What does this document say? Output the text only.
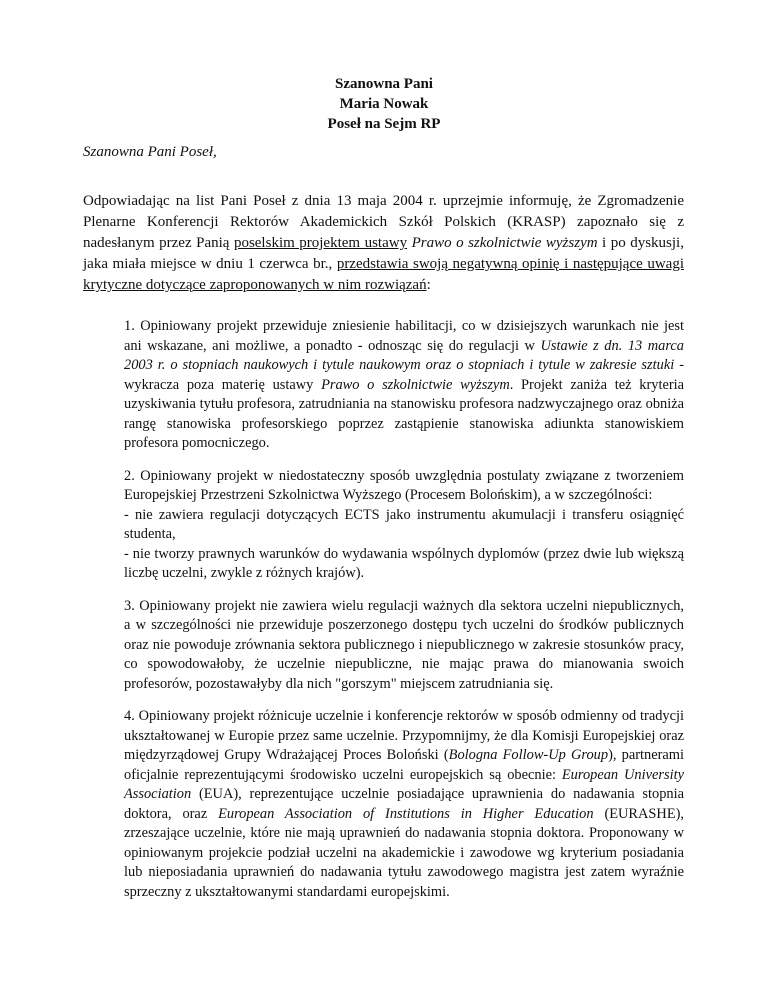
Szanowna Pani
Maria Nowak
Poseł na Sejm RP
Szanowna Pani Poseł,

Odpowiadając na list Pani Poseł z dnia 13 maja 2004 r. uprzejmie informuję, że Zgromadzenie Plenarne Konferencji Rektorów Akademickich Szkół Polskich (KRASP) zapoznało się z nadesłanym przez Panią poselskim projektem ustawy Prawo o szkolnictwie wyższym i po dyskusji, jaka miała miejsce w dniu 1 czerwca br., przedstawia swoją negatywną opinię i następujące uwagi krytyczne dotyczące zaproponowanych w nim rozwiązań:

1. Opiniowany projekt przewiduje zniesienie habilitacji, co w dzisiejszych warunkach nie jest ani wskazane, ani możliwe, a ponadto - odnosząc się do regulacji w Ustawie z dn. 13 marca 2003 r. o stopniach naukowych i tytule naukowym oraz o stopniach i tytule w zakresie sztuki - wykracza poza materię ustawy Prawo o szkolnictwie wyższym. Projekt zaniża też kryteria uzyskiwania tytułu profesora, zatrudniania na stanowisku profesora nadzwyczajnego oraz obniża rangę stanowiska profesorskiego poprzez zastąpienie stanowiska adiunkta stanowiskiem profesora pomocniczego.

2. Opiniowany projekt w niedostateczny sposób uwzględnia postulaty związane z tworzeniem Europejskiej Przestrzeni Szkolnictwa Wyższego (Procesem Bolońskim), a w szczególności:
- nie zawiera regulacji dotyczących ECTS jako instrumentu akumulacji i transferu osiągnięć studenta,
- nie tworzy prawnych warunków do wydawania wspólnych dyplomów (przez dwie lub większą liczbę uczelni, zwykle z różnych krajów).

3. Opiniowany projekt nie zawiera wielu regulacji ważnych dla sektora uczelni niepublicznych, a w szczególności nie przewiduje poszerzonego dostępu tych uczelni do środków publicznych oraz nie powoduje zrównania sektora publicznego i niepublicznego w zakresie stosunków pracy, co spowodowałoby, że uczelnie niepubliczne, nie mając prawa do mianowania swoich profesorów, pozostawałyby dla nich "gorszym" miejscem zatrudniania się.

4. Opiniowany projekt różnicuje uczelnie i konferencje rektorów w sposób odmienny od tradycji ukształtowanej w Europie przez same uczelnie. Przypomnijmy, że dla Komisji Europejskiej oraz międzyrządowej Grupy Wdrażającej Proces Boloński (Bologna Follow-Up Group), partnerami oficjalnie reprezentującymi środowisko uczelni europejskich są obecnie: European University Association (EUA), reprezentujące uczelnie posiadające uprawnienia do nadawania stopnia doktora, oraz European Association of Institutions in Higher Education (EURASHE), zrzeszające uczelnie, które nie mają uprawnień do nadawania stopnia doktora. Proponowany w opiniowanym projekcie podział uczelni na akademickie i zawodowe wg kryterium posiadania lub nieposiadania uprawnień do nadawania tytułu zawodowego magistra jest zatem wyraźnie sprzeczny z ukształtowanymi standardami europejskimi.
